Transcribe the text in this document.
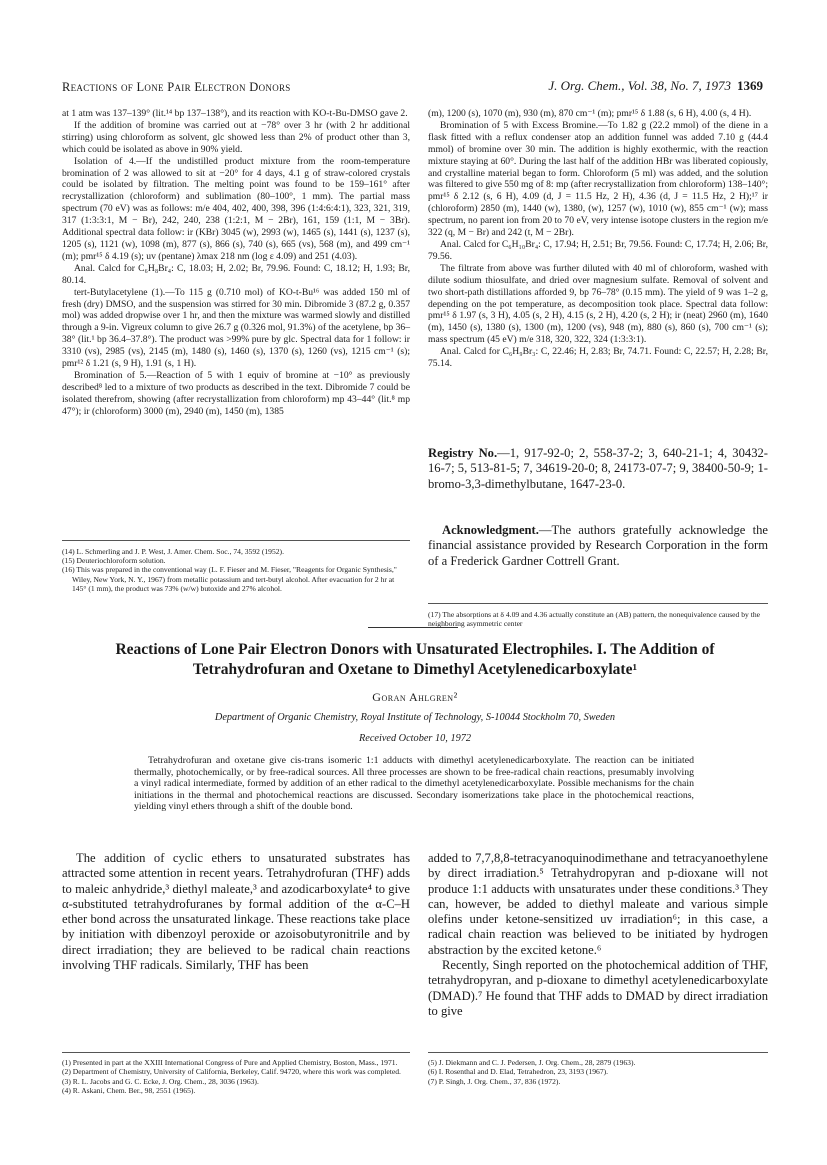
Reactions of Lone Pair Electron Donors	J. Org. Chem., Vol. 38, No. 7, 1973 1369

at 1 atm was 137–139° (lit.¹⁴ bp 137–138°), and its reaction with KO-t-Bu-DMSO gave 2.

If the addition of bromine was carried out at −78° over 3 hr (with 2 hr additional stirring) using chloroform as solvent, glc showed less than 2% of product other than 3, which could be isolated as above in 90% yield.

Isolation of 4.—If the undistilled product mixture from the room-temperature bromination of 2 was allowed to sit at −20° for 4 days, 4.1 g of straw-colored crystals could be isolated by filtration. The melting point was found to be 159–161° after recrystallization (chloroform) and sublimation (80–100°, 1 mm). The partial mass spectrum (70 eV) was as follows: m/e 404, 402, 400, 398, 396 (1:4:6:4:1), 323, 321, 319, 317 (1:3:3:1, M − Br), 242, 240, 238 (1:2:1, M − 2Br), 161, 159 (1:1, M − 3Br). Additional spectral data follow: ir (KBr) 3045 (w), 2993 (w), 1465 (s), 1441 (s), 1237 (s), 1205 (s), 1121 (w), 1098 (m), 877 (s), 866 (s), 740 (s), 665 (vs), 568 (m), and 499 cm⁻¹ (m); pmr¹⁵ δ 4.19 (s); uv (pentane) λmax 218 nm (log ε 4.09) and 251 (4.03).

Anal. Calcd for C₆H₈Br₄: C, 18.03; H, 2.02; Br, 79.96. Found: C, 18.12; H, 1.93; Br, 80.14.

tert-Butylacetylene (1).—To 115 g (0.710 mol) of KO-t-Bu¹⁶ was added 150 ml of fresh (dry) DMSO, and the suspension was stirred for 30 min. Dibromide 3 (87.2 g, 0.357 mol) was added dropwise over 1 hr, and then the mixture was warmed slowly and distilled through a 9-in. Vigreux column to give 26.7 g (0.326 mol, 91.3%) of the acetylene, bp 36–38° (lit.¹ bp 36.4–37.8°). The product was >99% pure by glc. Spectral data for 1 follow: ir 3310 (vs), 2985 (vs), 2145 (m), 1480 (s), 1460 (s), 1370 (s), 1260 (vs), 1215 cm⁻¹ (s); pmr¹² δ 1.21 (s, 9 H), 1.91 (s, 1 H).

Bromination of 5.—Reaction of 5 with 1 equiv of bromine at −10° as previously described⁸ led to a mixture of two products as described in the text. Dibromide 7 could be isolated therefrom, showing (after recrystallization from chloroform) mp 43–44° (lit.⁸ mp 47°); ir (chloroform) 3000 (m), 2940 (m), 1450 (m), 1385

(14) L. Schmerling and J. P. West, J. Amer. Chem. Soc., 74, 3592 (1952).
(15) Deuteriochloroform solution.
(16) This was prepared in the conventional way (L. F. Fieser and M. Fieser, "Reagents for Organic Synthesis," Wiley, New York, N. Y., 1967) from metallic potassium and tert-butyl alcohol. After evacuation for 2 hr at 145° (1 mm), the product was 73% (w/w) butoxide and 27% alcohol.

(m), 1200 (s), 1070 (m), 930 (m), 870 cm⁻¹ (m); pmr¹⁵ δ 1.88 (s, 6 H), 4.00 (s, 4 H).

Bromination of 5 with Excess Bromine.—To 1.82 g (22.2 mmol) of the diene in a flask fitted with a reflux condenser atop an addition funnel was added 7.10 g (44.4 mmol) of bromine over 30 min. The addition is highly exothermic, with the reaction mixture staying at 60°. During the last half of the addition HBr was liberated copiously, and crystalline material began to form. Chloroform (5 ml) was added, and the solution was filtered to give 550 mg of 8: mp (after recrystallization from chloroform) 138–140°; pmr¹⁵ δ 2.12 (s, 6 H), 4.09 (d, J = 11.5 Hz, 2 H), 4.36 (d, J = 11.5 Hz, 2 H);¹⁷ ir (chloroform) 2850 (m), 1440 (w), 1380, (w), 1257 (w), 1010 (w), 855 cm⁻¹ (w); mass spectrum, no parent ion from 20 to 70 eV, very intense isotope clusters in the region m/e 322 (q, M − Br) and 242 (t, M − 2Br).

Anal. Calcd for C₆H₁₀Br₄: C, 17.94; H, 2.51; Br, 79.56. Found: C, 17.74; H, 2.06; Br, 79.56.

The filtrate from above was further diluted with 40 ml of chloroform, washed with dilute sodium thiosulfate, and dried over magnesium sulfate. Removal of solvent and two short-path distillations afforded 9, bp 76–78° (0.15 mm). The yield of 9 was 1–2 g, depending on the pot temperature, as decomposition took place. Spectral data follow: pmr¹⁵ δ 1.97 (s, 3 H), 4.05 (s, 2 H), 4.15 (s, 2 H), 4.20 (s, 2 H); ir (neat) 2960 (m), 1640 (m), 1450 (s), 1380 (s), 1300 (m), 1200 (vs), 948 (m), 880 (s), 860 (s), 700 cm⁻¹ (s); mass spectrum (45 eV) m/e 318, 320, 322, 324 (1:3:3:1).

Anal. Calcd for C₆H₉Br₃: C, 22.46; H, 2.83; Br, 74.71. Found: C, 22.57; H, 2.28; Br, 75.14.

Registry No.—1, 917-92-0; 2, 558-37-2; 3, 640-21-1; 4, 30432-16-7; 5, 513-81-5; 7, 34619-20-0; 8, 24173-07-7; 9, 38400-50-9; 1-bromo-3,3-dimethylbutane, 1647-23-0.
Acknowledgment.—The authors gratefully acknowledge the financial assistance provided by Research Corporation in the form of a Frederick Gardner Cottrell Grant.
(17) The absorptions at δ 4.09 and 4.36 actually constitute an (AB) pattern, the nonequivalence caused by the neighboring asymmetric center
Reactions of Lone Pair Electron Donors with Unsaturated Electrophiles. I. The Addition of Tetrahydrofuran and Oxetane to Dimethyl Acetylenedicarboxylate¹
Goran Ahlgren²
Department of Organic Chemistry, Royal Institute of Technology, S-10044 Stockholm 70, Sweden
Received October 10, 1972
Tetrahydrofuran and oxetane give cis-trans isomeric 1:1 adducts with dimethyl acetylenedicarboxylate. The reaction can be initiated thermally, photochemically, or by free-radical sources. All three processes are shown to be free-radical chain reactions, presumably involving a vinyl radical intermediate, formed by addition of an ether radical to the dimethyl acetylenedicarboxylate. Possible mechanisms for the chain initiations in the thermal and photochemical reactions are discussed. Secondary isomerizations take place in the photochemical reactions, yielding vinyl ethers through a shift of the double bond.

The addition of cyclic ethers to unsaturated substrates has attracted some attention in recent years. Tetrahydrofuran (THF) adds to maleic anhydride,³ diethyl maleate,³ and azodicarboxylate⁴ to give α-substituted tetrahydrofuranes by formal addition of the α-C–H ether bond across the unsaturated linkage. These reactions take place by initiation with dibenzoyl peroxide or azoisobutyronitrile and by direct irradiation; they are believed to be radical chain reactions involving THF radicals. Similarly, THF has been

added to 7,7,8,8-tetracyanoquinodimethane and tetracyanoethylene by direct irradiation.⁵ Tetrahydropyran and p-dioxane will not produce 1:1 adducts with unsaturates under these conditions.³ They can, however, be added to diethyl maleate and various simple olefins under ketone-sensitized uv irradiation⁶; in this case, a radical chain reaction was believed to be initiated by hydrogen abstraction by the excited ketone.⁶

Recently, Singh reported on the photochemical addition of THF, tetrahydropyran, and p-dioxane to dimethyl acetylenedicarboxylate (DMAD).⁷ He found that THF adds to DMAD by direct irradiation to give

(1) Presented in part at the XXIII International Congress of Pure and Applied Chemistry, Boston, Mass., 1971.
(2) Department of Chemistry, University of California, Berkeley, Calif. 94720, where this work was completed.
(3) R. L. Jacobs and G. C. Ecke, J. Org. Chem., 28, 3036 (1963).
(4) R. Askani, Chem. Ber., 98, 2551 (1965).
(5) J. Diekmann and C. J. Pedersen, J. Org. Chem., 28, 2879 (1963).
(6) I. Rosenthal and D. Elad, Tetrahedron, 23, 3193 (1967).
(7) P. Singh, J. Org. Chem., 37, 836 (1972).
